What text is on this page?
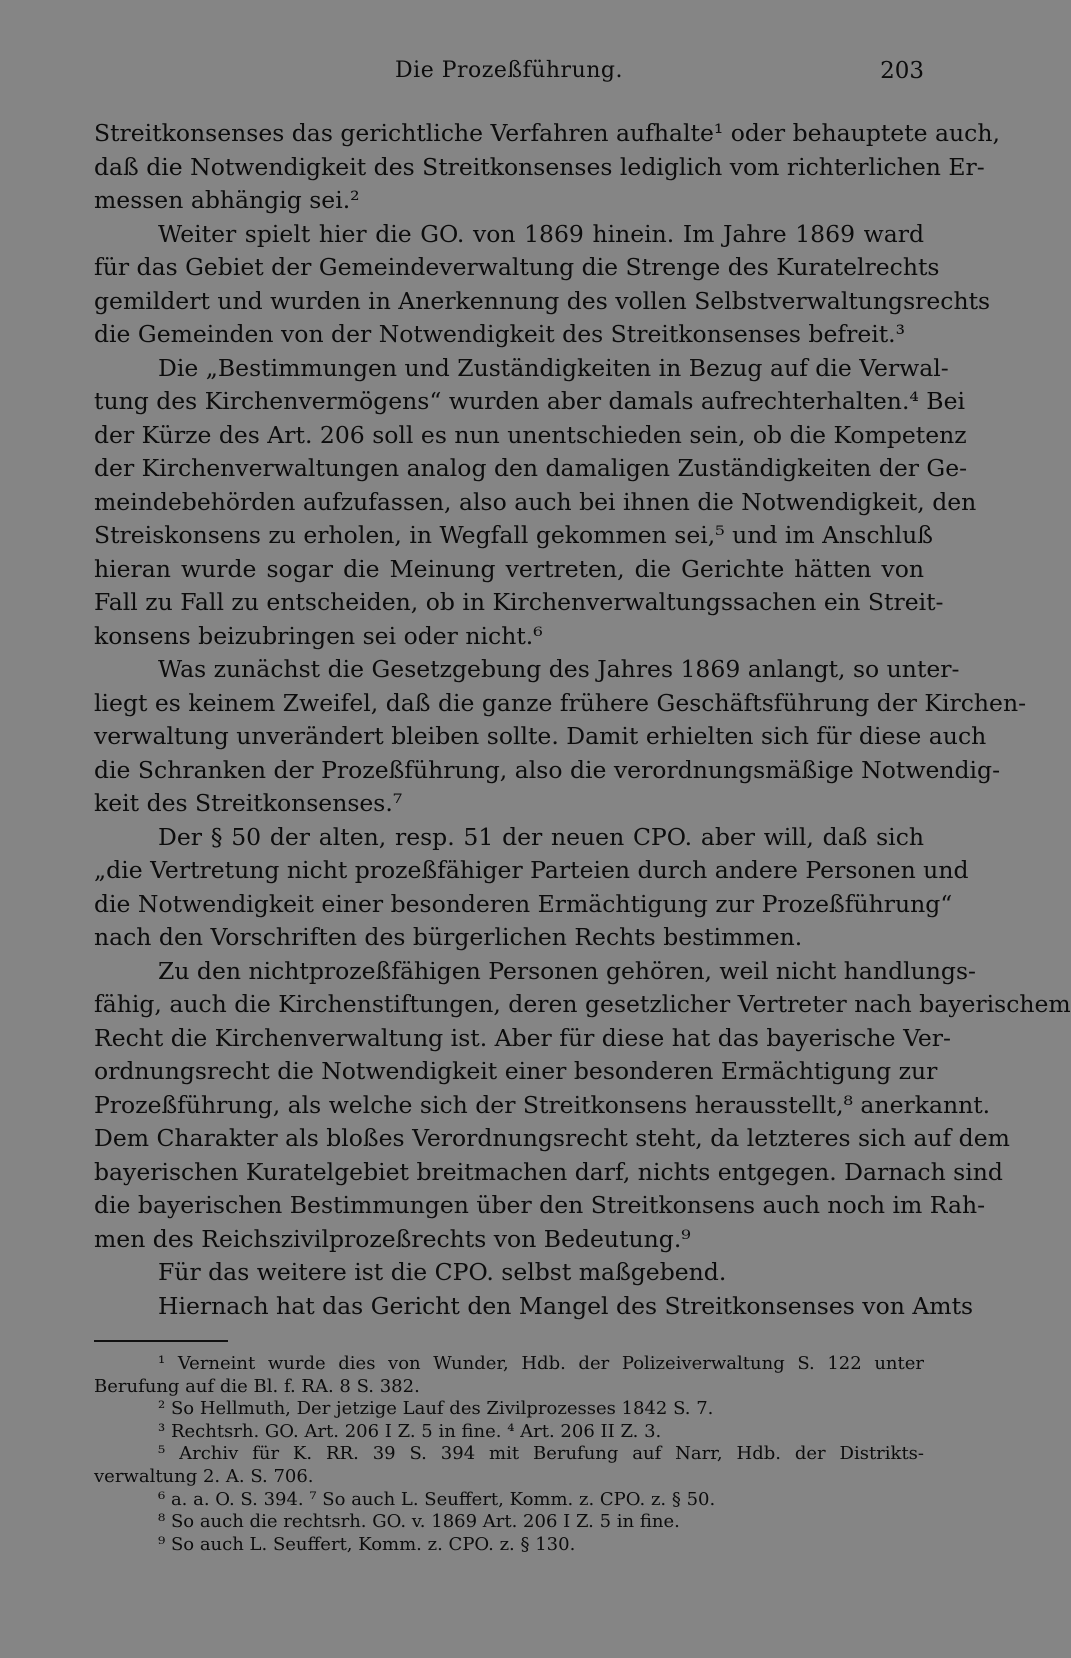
Die Prozeßführung.	203
Streitkonsenses das gerichtliche Verfahren aufhalte¹ oder behauptete auch,
daß die Notwendigkeit des Streitkonsenses lediglich vom richterlichen Er-
messen abhängig sei.²
Weiter spielt hier die GO. von 1869 hinein. Im Jahre 1869 ward
für das Gebiet der Gemeindeverwaltung die Strenge des Kuratelrechts
gemildert und wurden in Anerkennung des vollen Selbstverwaltungsrechts
die Gemeinden von der Notwendigkeit des Streitkonsenses befreit.³
Die „Bestimmungen und Zuständigkeiten in Bezug auf die Verwal-
tung des Kirchenvermögens“ wurden aber damals aufrechterhalten.⁴ Bei
der Kürze des Art. 206 soll es nun unentschieden sein, ob die Kompetenz
der Kirchenverwaltungen analog den damaligen Zuständigkeiten der Ge-
meindebehörden aufzufassen, also auch bei ihnen die Notwendigkeit, den
Streiskonsens zu erholen, in Wegfall gekommen sei,⁵ und im Anschluß
hieran wurde sogar die Meinung vertreten, die Gerichte hätten von
Fall zu Fall zu entscheiden, ob in Kirchenverwaltungssachen ein Streit-
konsens beizubringen sei oder nicht.⁶
Was zunächst die Gesetzgebung des Jahres 1869 anlangt, so unter-
liegt es keinem Zweifel, daß die ganze frühere Geschäftsführung der Kirchen-
verwaltung unverändert bleiben sollte. Damit erhielten sich für diese auch
die Schranken der Prozeßführung, also die verordnungsmäßige Notwendig-
keit des Streitkonsenses.⁷
Der § 50 der alten, resp. 51 der neuen CPO. aber will, daß sich
„die Vertretung nicht prozeßfähiger Parteien durch andere Personen und
die Notwendigkeit einer besonderen Ermächtigung zur Prozeßführung“
nach den Vorschriften des bürgerlichen Rechts bestimmen.
Zu den nichtprozeßfähigen Personen gehören, weil nicht handlungs-
fähig, auch die Kirchenstiftungen, deren gesetzlicher Vertreter nach bayerischem
Recht die Kirchenverwaltung ist. Aber für diese hat das bayerische Ver-
ordnungsrecht die Notwendigkeit einer besonderen Ermächtigung zur
Prozeßführung, als welche sich der Streitkonsens herausstellt,⁸ anerkannt.
Dem Charakter als bloßes Verordnungsrecht steht, da letzteres sich auf dem
bayerischen Kuratelgebiet breitmachen darf, nichts entgegen. Darnach sind
die bayerischen Bestimmungen über den Streitkonsens auch noch im Rah-
men des Reichszivilprozeßrechts von Bedeutung.⁹
Für das weitere ist die CPO. selbst maßgebend.
Hiernach hat das Gericht den Mangel des Streitkonsenses von Amts
¹ Verneint wurde dies von Wunder, Hdb. der Polizeiverwaltung S. 122 unter
Berufung auf die Bl. f. RA. 8 S. 382.
² So Hellmuth, Der jetzige Lauf des Zivilprozesses 1842 S. 7.
³ Rechtsrh. GO. Art. 206 I Z. 5 in fine. ⁴ Art. 206 II Z. 3.
⁵ Archiv für K. RR. 39 S. 394 mit Berufung auf Narr, Hdb. der Distrikts-
verwaltung 2. A. S. 706.
⁶ a. a. O. S. 394. ⁷ So auch L. Seuffert, Komm. z. CPO. z. § 50.
⁸ So auch die rechtsrh. GO. v. 1869 Art. 206 I Z. 5 in fine.
⁹ So auch L. Seuffert, Komm. z. CPO. z. § 130.
